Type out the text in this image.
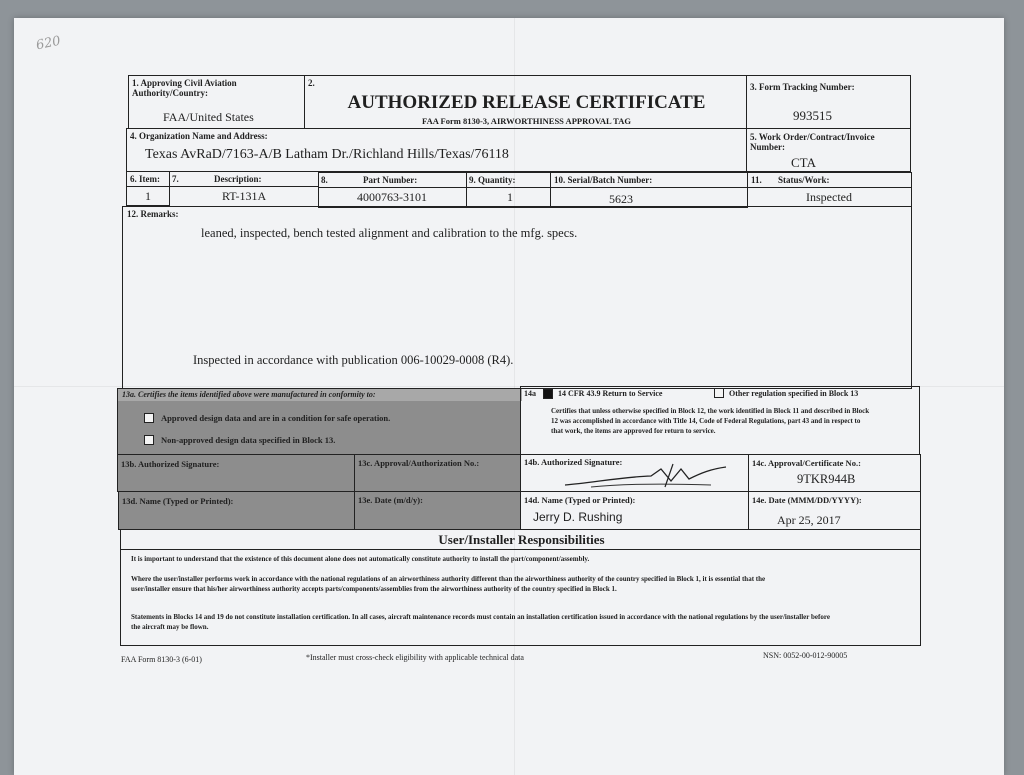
620
1. Approving Civil Aviation Authority/Country:
FAA/United States
2.
AUTHORIZED RELEASE CERTIFICATE
FAA Form 8130-3, AIRWORTHINESS APPROVAL TAG
3. Form Tracking Number:
993515
4. Organization Name and Address:
Texas AvRaD/7163-A/B Latham Dr./Richland Hills/Texas/76118
5. Work Order/Contract/Invoice Number:
CTA
6. Item: 7.	Description:	8.	Part Number:	9. Quantity:	10. Serial/Batch Number:	11. Status/Work:
1	RT-131A	4000763-3101	1	5623	Inspected
12. Remarks:
leaned, inspected, bench tested alignment and calibration to the mfg. specs.
Inspected in accordance with publication 006-10029-0008 (R4).
13a. Certifies the items identified above were manufactured in conformity to:
Approved design data and are in a condition for safe operation.
Non-approved design data specified in Block 13.
14a	14 CFR 43.9 Return to Service	Other regulation specified in Block 13
Certifies that unless otherwise specified in Block 12, the work identified in Block 11 and described in Block 12 was accomplished in accordance with Title 14, Code of Federal Regulations, part 43 and in respect to that work, the items are approved for return to service.
13b. Authorized Signature:	13c. Approval/Authorization No.:	14b. Authorized Signature:	14c. Approval/Certificate No.:
9TKR944B
13d. Name (Typed or Printed):	13e. Date (m/d/y):	14d. Name (Typed or Printed):
Jerry D. Rushing
14e. Date (MMM/DD/YYYY):
Apr 25, 2017
User/Installer Responsibilities
It is important to understand that the existence of this document alone does not automatically constitute authority to install the part/component/assembly.
Where the user/installer performs work in accordance with the national regulations of an airworthiness authority different than the airworthiness authority of the country specified in Block 1, it is essential that the user/installer ensure that his/her airworthiness authority accepts parts/components/assemblies from the airworthiness authority of the country specified in Block 1.
Statements in Blocks 14 and 19 do not constitute installation certification. In all cases, aircraft maintenance records must contain an installation certification issued in accordance with the national regulations by the user/installer before the aircraft may be flown.
FAA Form 8130-3 (6-01)	*Installer must cross-check eligibility with applicable technical data	NSN: 0052-00-012-90005
